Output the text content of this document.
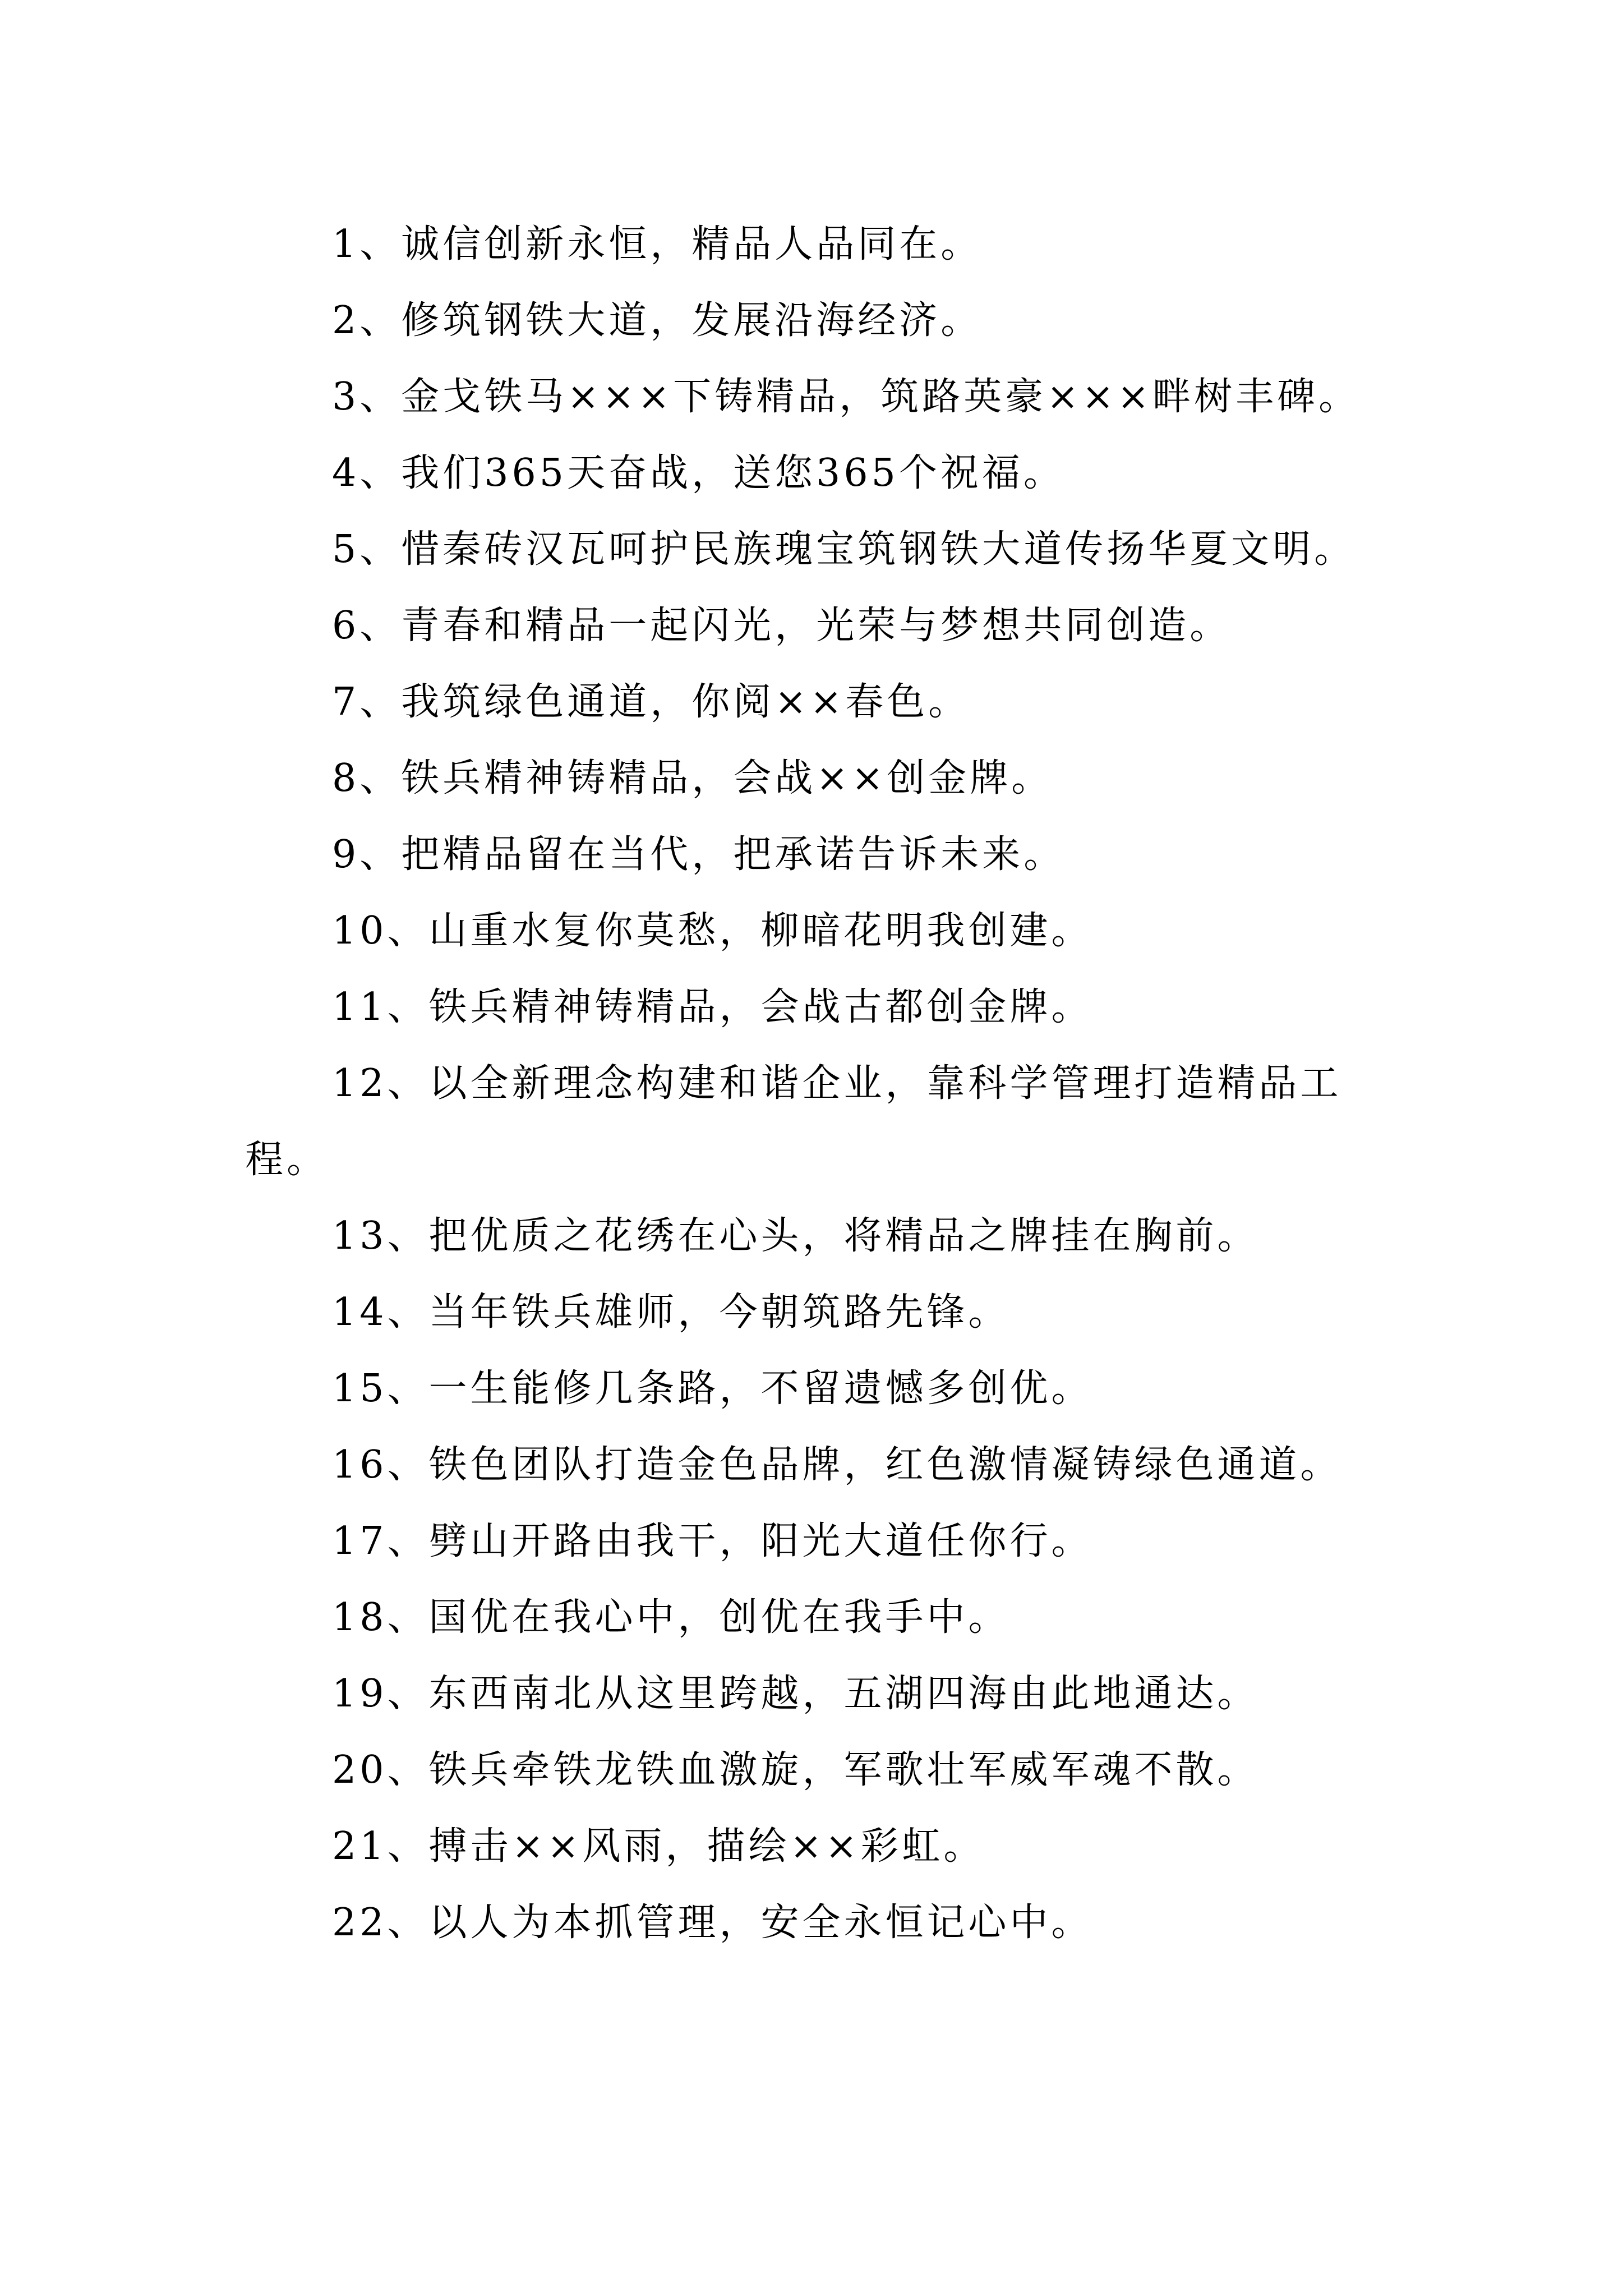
1、诚信创新永恒，精品人品同在。

2、修筑钢铁大道，发展沿海经济。

3、金戈铁马×××下铸精品，筑路英豪×××畔树丰碑。

4、我们365天奋战，送您365个祝福。

5、惜秦砖汉瓦呵护民族瑰宝筑钢铁大道传扬华夏文明。

6、青春和精品一起闪光，光荣与梦想共同创造。

7、我筑绿色通道，你阅××春色。

8、铁兵精神铸精品，会战××创金牌。

9、把精品留在当代，把承诺告诉未来。

10、山重水复你莫愁，柳暗花明我创建。

11、铁兵精神铸精品，会战古都创金牌。

12、以全新理念构建和谐企业，靠科学管理打造精品工程。

13、把优质之花绣在心头，将精品之牌挂在胸前。

14、当年铁兵雄师，今朝筑路先锋。

15、一生能修几条路，不留遗憾多创优。

16、铁色团队打造金色品牌，红色激情凝铸绿色通道。

17、劈山开路由我干，阳光大道任你行。

18、国优在我心中，创优在我手中。

19、东西南北从这里跨越，五湖四海由此地通达。

20、铁兵牵铁龙铁血激旋，军歌壮军威军魂不散。

21、搏击××风雨，描绘××彩虹。

22、以人为本抓管理，安全永恒记心中。
